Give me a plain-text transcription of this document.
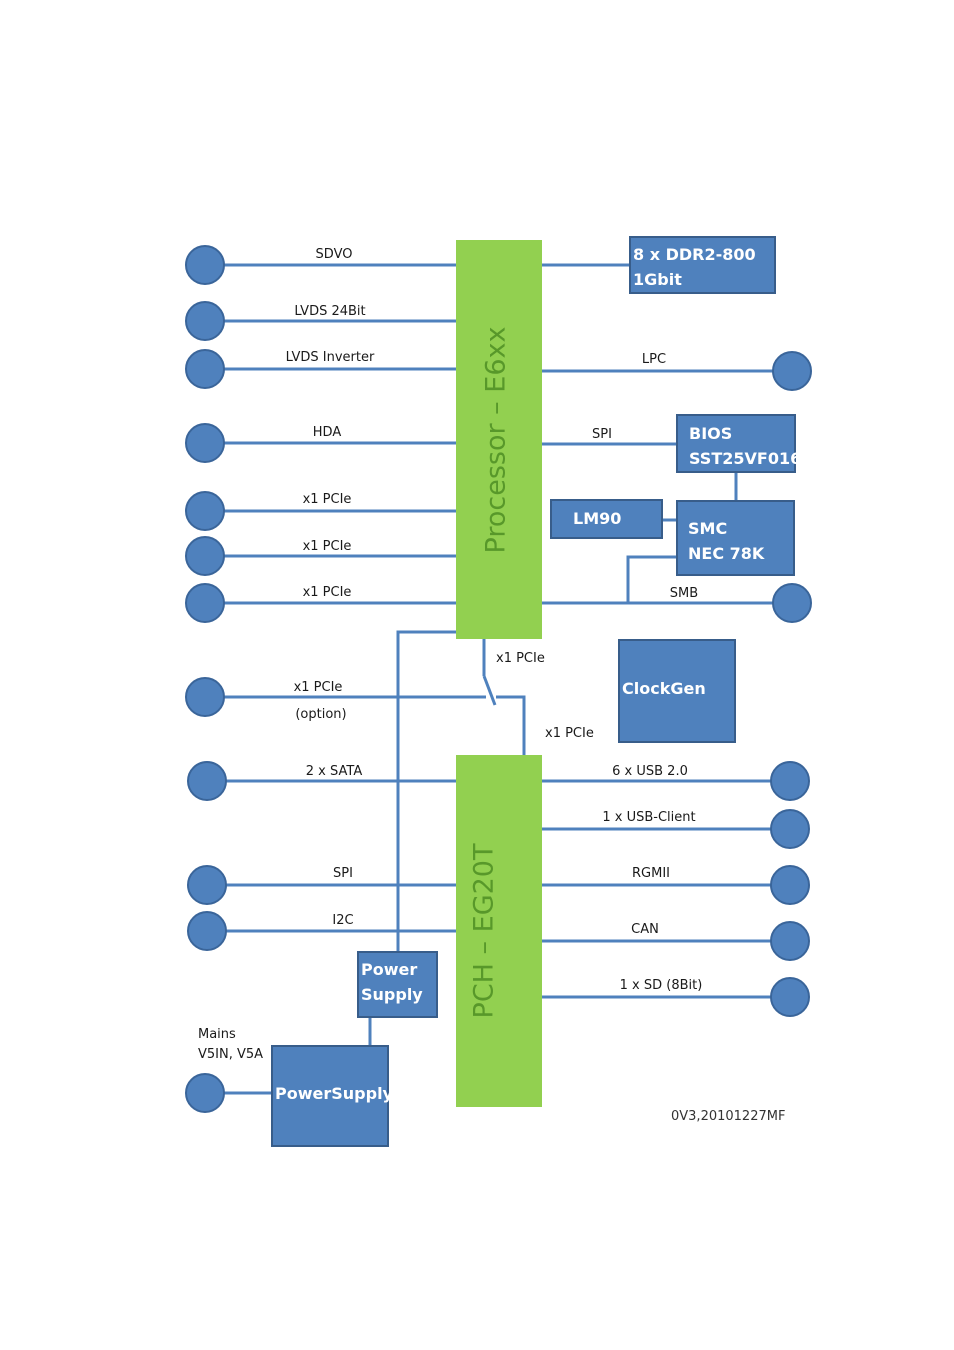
Processor – E6xx
PCH – EG20T
8 x DDR2-800
1Gbit
BIOS
SST25VF016
LM90
SMC
NEC 78K
ClockGen
Power
Supply
PowerSupply
SDVO
LVDS 24Bit
LVDS Inverter
HDA
x1 PCIe
x1 PCIe
x1 PCIe
x1 PCIe
(option)
2 x SATA
SPI
I2C
Mains
V5IN, V5A
LPC
SPI
SMB
6 x USB 2.0
1 x USB-Client
RGMII
CAN
1 x SD (8Bit)
x1 PCIe
x1 PCIe
0V3,20101227MF
